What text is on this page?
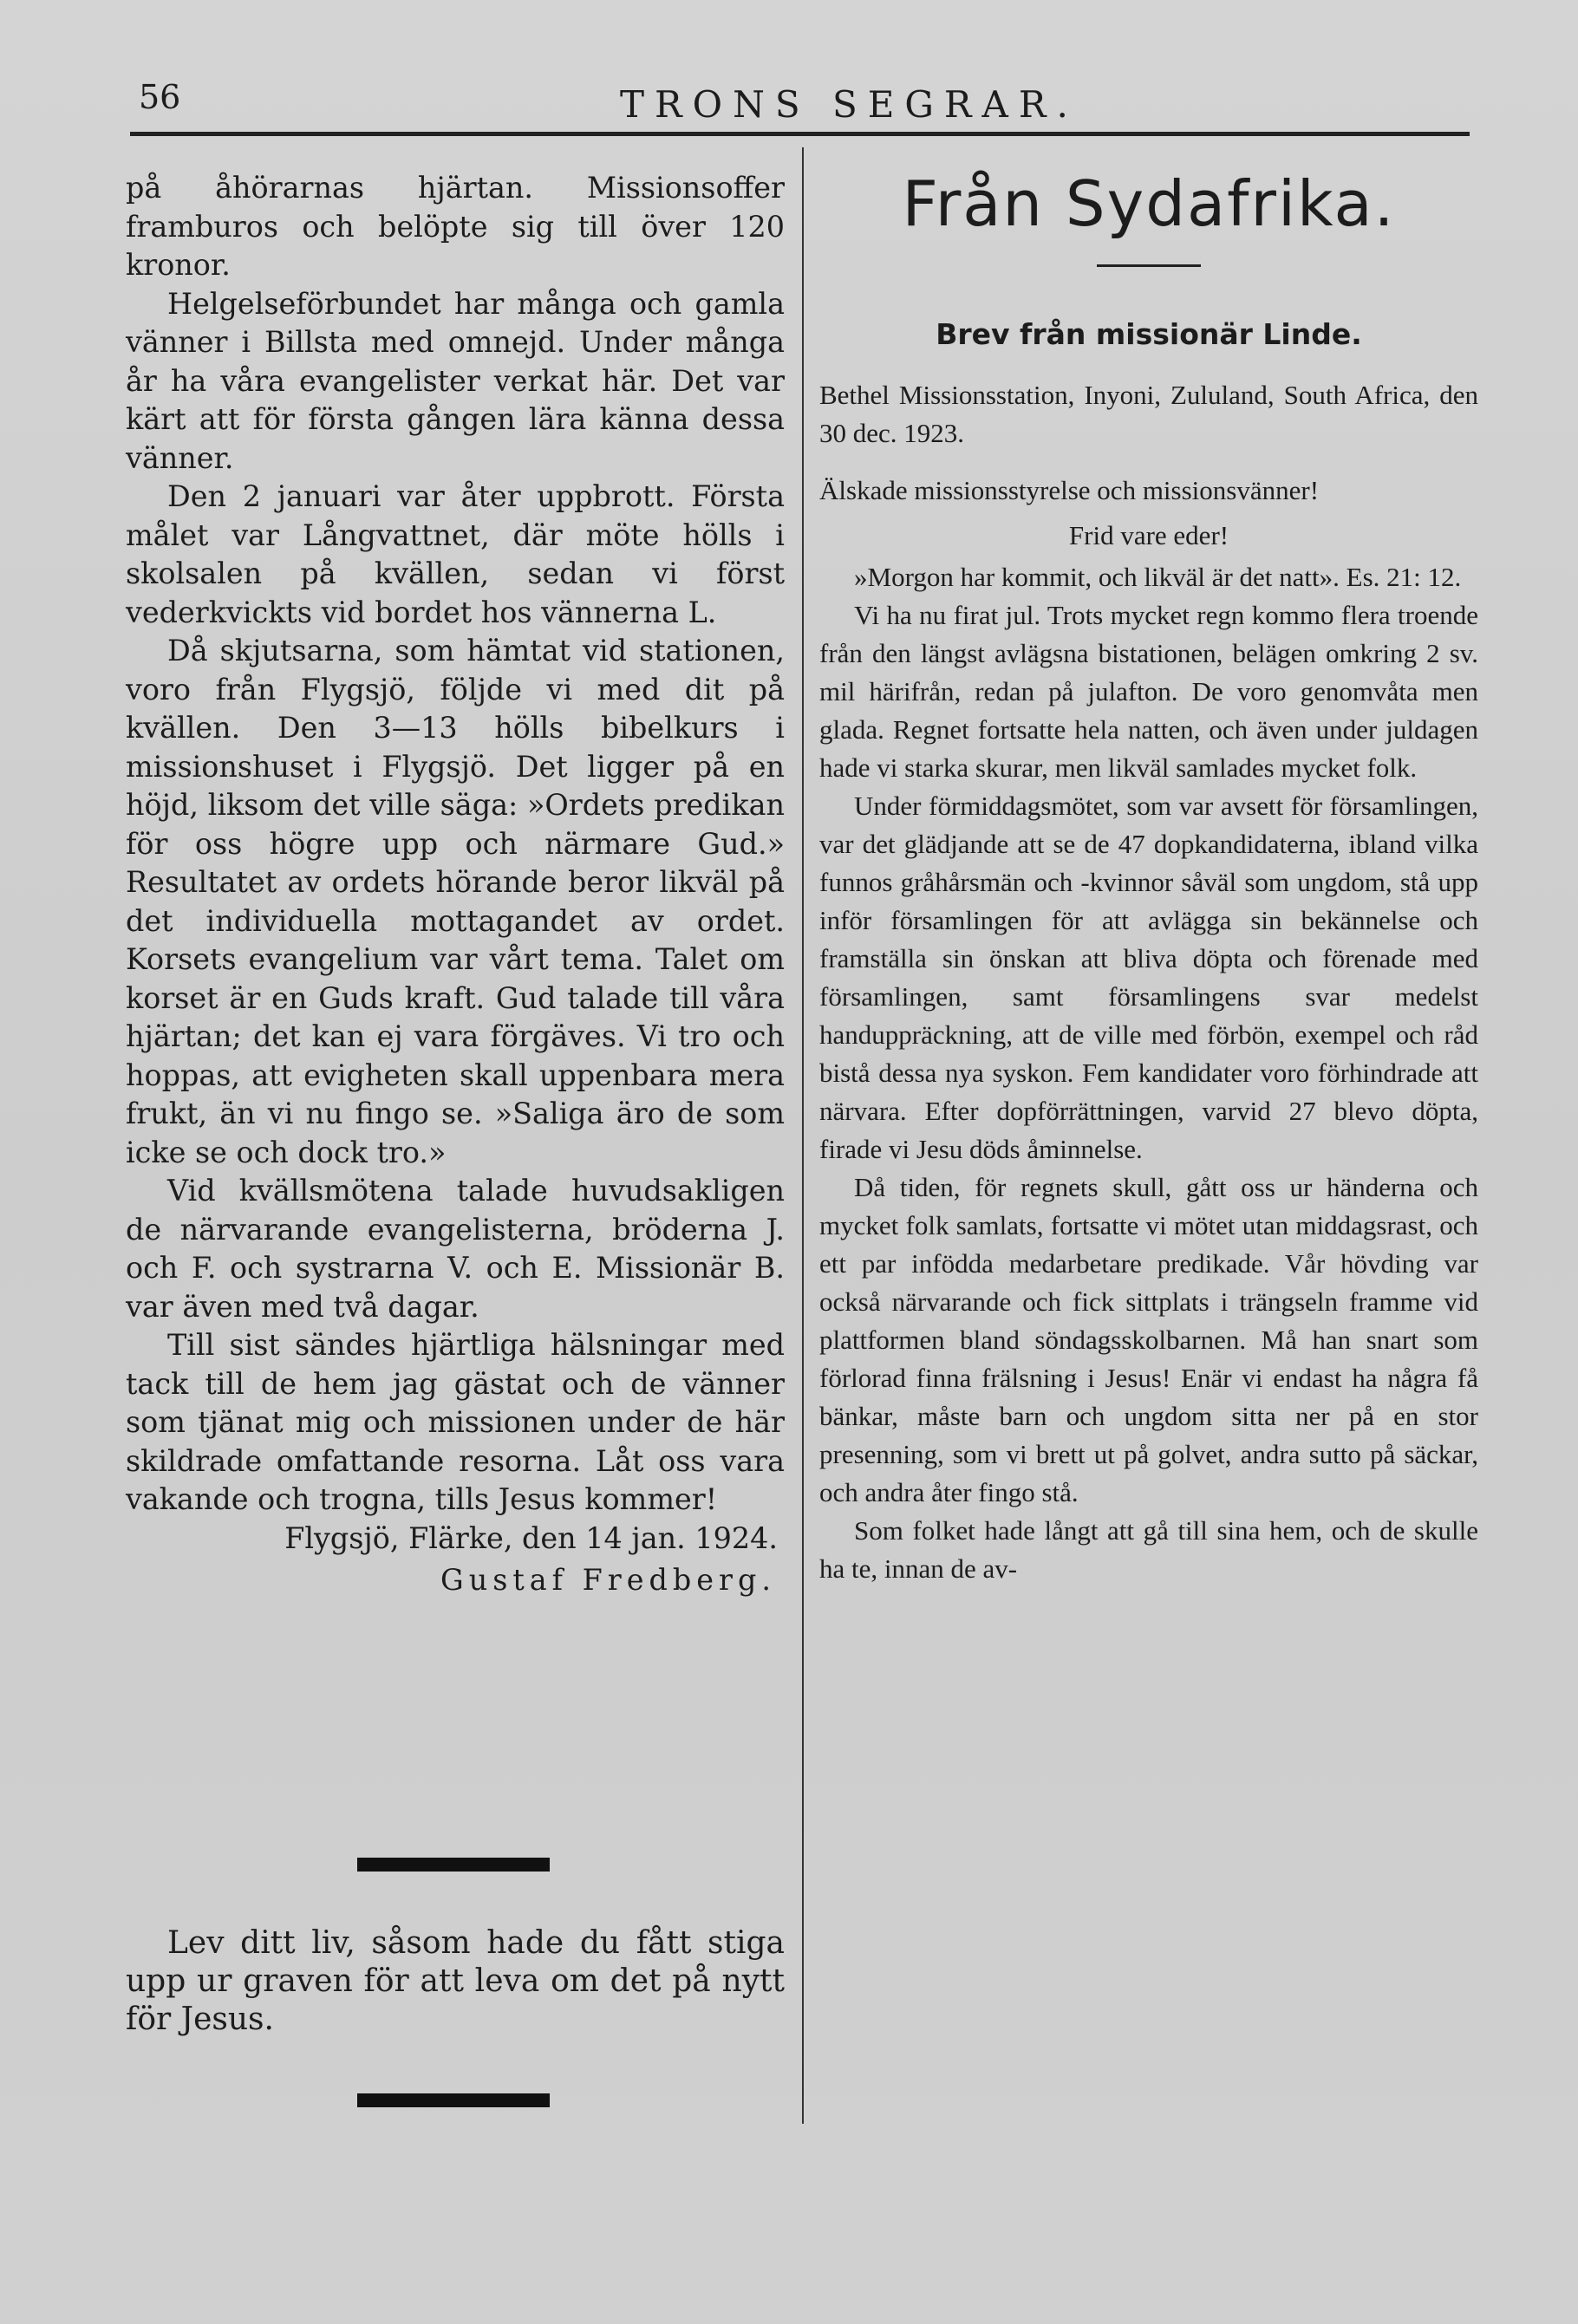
56	TRONS SEGRAR.

på åhörarnas hjärtan. Missionsoffer framburos och belöpte sig till över 120 kronor.

Helgelseförbundet har många och gamla vänner i Billsta med omnejd. Under många år ha våra evangelister verkat här. Det var kärt att för första gången lära känna dessa vänner.

Den 2 januari var åter uppbrott. Första målet var Långvattnet, där möte hölls i skolsalen på kvällen, sedan vi först vederkvickts vid bordet hos vännerna L.

Då skjutsarna, som hämtat vid stationen, voro från Flygsjö, följde vi med dit på kvällen. Den 3—13 hölls bibelkurs i missionshuset i Flygsjö. Det ligger på en höjd, liksom det ville säga: »Ordets predikan för oss högre upp och närmare Gud.» Resultatet av ordets hörande beror likväl på det individuella mottagandet av ordet. Korsets evangelium var vårt tema. Talet om korset är en Guds kraft. Gud talade till våra hjärtan; det kan ej vara förgäves. Vi tro och hoppas, att evigheten skall uppenbara mera frukt, än vi nu fingo se. »Saliga äro de som icke se och dock tro.»

Vid kvällsmötena talade huvudsakligen de närvarande evangelisterna, bröderna J. och F. och systrarna V. och E. Missionär B. var även med två dagar.

Till sist sändes hjärtliga hälsningar med tack till de hem jag gästat och de vänner som tjänat mig och missionen under de här skildrade omfattande resorna. Låt oss vara vakande och trogna, tills Jesus kommer!

Flygsjö, Flärke, den 14 jan. 1924.

Gustaf Fredberg.

Lev ditt liv, såsom hade du fått stiga upp ur graven för att leva om det på nytt för Jesus.

Från Sydafrika.
Brev från missionär Linde.

Bethel Missionsstation, Inyoni, Zululand, South Africa, den 30 dec. 1923.

Älskade missionsstyrelse och missionsvänner!

Frid vare eder!

»Morgon har kommit, och likväl är det natt». Es. 21: 12.

Vi ha nu firat jul. Trots mycket regn kommo flera troende från den längst avlägsna bistationen, belägen omkring 2 sv. mil härifrån, redan på julafton. De voro genomvåta men glada. Regnet fortsatte hela natten, och även under juldagen hade vi starka skurar, men likväl samlades mycket folk.

Under förmiddagsmötet, som var avsett för församlingen, var det glädjande att se de 47 dopkandidaterna, ibland vilka funnos gråhårsmän och -kvinnor såväl som ungdom, stå upp inför församlingen för att avlägga sin bekännelse och framställa sin önskan att bliva döpta och förenade med församlingen, samt församlingens svar medelst handuppräckning, att de ville med förbön, exempel och råd bistå dessa nya syskon. Fem kandidater voro förhindrade att närvara. Efter dopförrättningen, varvid 27 blevo döpta, firade vi Jesu döds åminnelse.

Då tiden, för regnets skull, gått oss ur händerna och mycket folk samlats, fortsatte vi mötet utan middagsrast, och ett par infödda medarbetare predikade. Vår hövding var också närvarande och fick sittplats i trängseln framme vid plattformen bland söndagsskolbarnen. Må han snart som förlorad finna frälsning i Jesus! Enär vi endast ha några få bänkar, måste barn och ungdom sitta ner på en stor presenning, som vi brett ut på golvet, andra sutto på säckar, och andra åter fingo stå.

Som folket hade långt att gå till sina hem, och de skulle ha te, innan de av-
